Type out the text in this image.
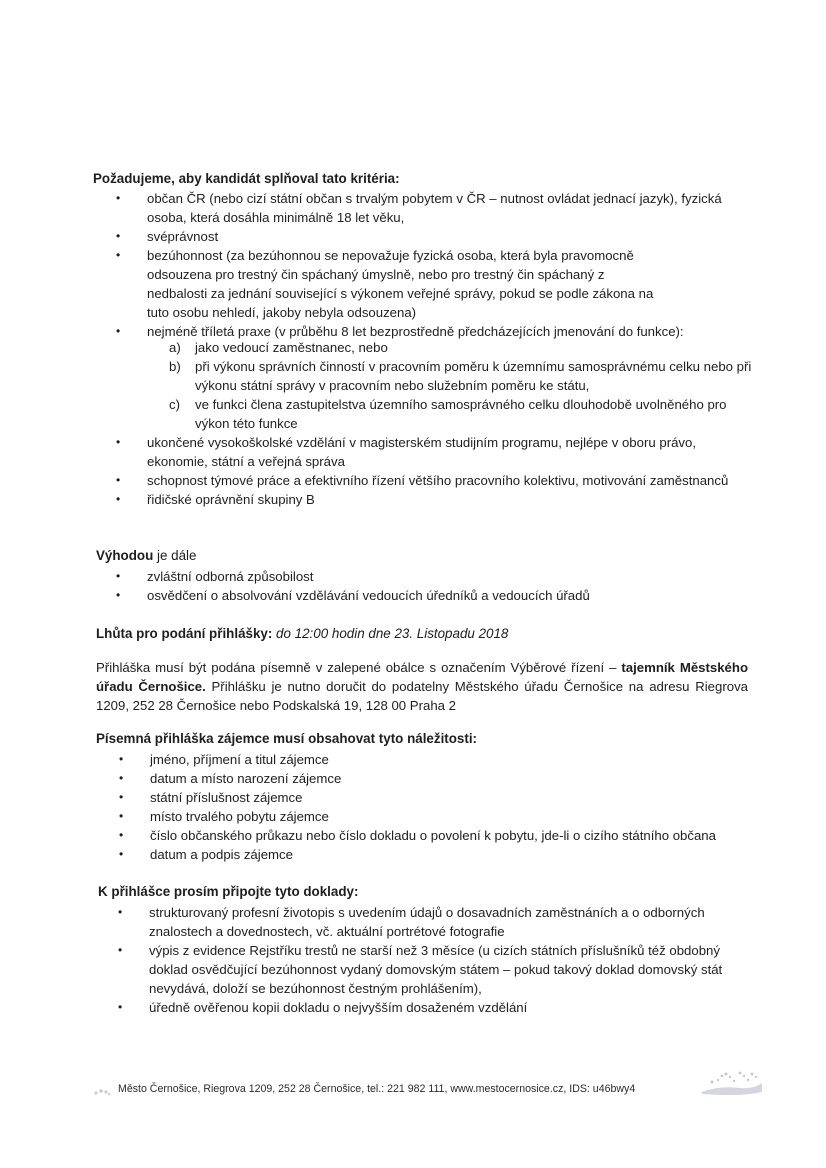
Požadujeme, aby kandidát splňoval tato kritéria:
• občan ČR (nebo cizí státní občan s trvalým pobytem v ČR – nutnost ovládat jednací jazyk), fyzická osoba, která dosáhla minimálně 18 let věku,
• svéprávnost
• bezúhonnost (za bezúhonnou se nepovažuje fyzická osoba, která byla pravomocně odsouzena pro trestný čin spáchaný úmyslně, nebo pro trestný čin spáchaný z nedbalosti za jednání související s výkonem veřejné správy, pokud se podle zákona na tuto osobu nehledí, jakoby nebyla odsouzena)
• nejméně tříletá praxe (v průběhu 8 let bezprostředně předcházejících jmenování do funkce):
a) jako vedoucí zaměstnanec, nebo
b) při výkonu správních činností v pracovním poměru k územnímu samosprávnému celku nebo při výkonu státní správy v pracovním nebo služebním poměru ke státu,
c) ve funkci člena zastupitelstva územního samosprávného celku dlouhodobě uvolněného pro výkon této funkce
• ukončené vysokoškolské vzdělání v magisterském studijním programu, nejlépe v oboru právo, ekonomie, státní a veřejná správa
• schopnost týmové práce a efektivního řízení většího pracovního kolektivu, motivování zaměstnanců
• řidičské oprávnění skupiny B
Výhodou je dále
• zvláštní odborná způsobilost
• osvědčení o absolvování vzdělávání vedoucích úředníků a vedoucích úřadů
Lhůta pro podání přihlášky: do 12:00 hodin dne 23. Listopadu 2018
Přihláška musí být podána písemně v zalepené obálce s označením Výběrové řízení – tajemník Městského úřadu Černošice. Přihlášku je nutno doručit do podatelny Městského úřadu Černošice na adresu Riegrova 1209, 252 28 Černošice nebo Podskalská 19, 128 00 Praha 2
Písemná přihláška zájemce musí obsahovat tyto náležitosti:
• jméno, příjmení a titul zájemce
• datum a místo narození zájemce
• státní příslušnost zájemce
• místo trvalého pobytu zájemce
• číslo občanského průkazu nebo číslo dokladu o povolení k pobytu, jde-li o cizího státního občana
• datum a podpis zájemce
K přihlášce prosím připojte tyto doklady:
• strukturovaný profesní životopis s uvedením údajů o dosavadních zaměstnáních a o odborných znalostech a dovednostech, vč. aktuální portrétové fotografie
• výpis z evidence Rejstříku trestů ne starší než 3 měsíce (u cizích státních příslušníků též obdobný doklad osvědčující bezúhonnost vydaný domovským státem – pokud takový doklad domovský stát nevydává, doloží se bezúhonnost čestným prohlášením),
• úředně ověřenou kopii dokladu o nejvyšším dosaženém vzdělání
Město Černošice, Riegrova 1209, 252 28 Černošice, tel.: 221 982 111, www.mestocernosice.cz, IDS: u46bwy4
